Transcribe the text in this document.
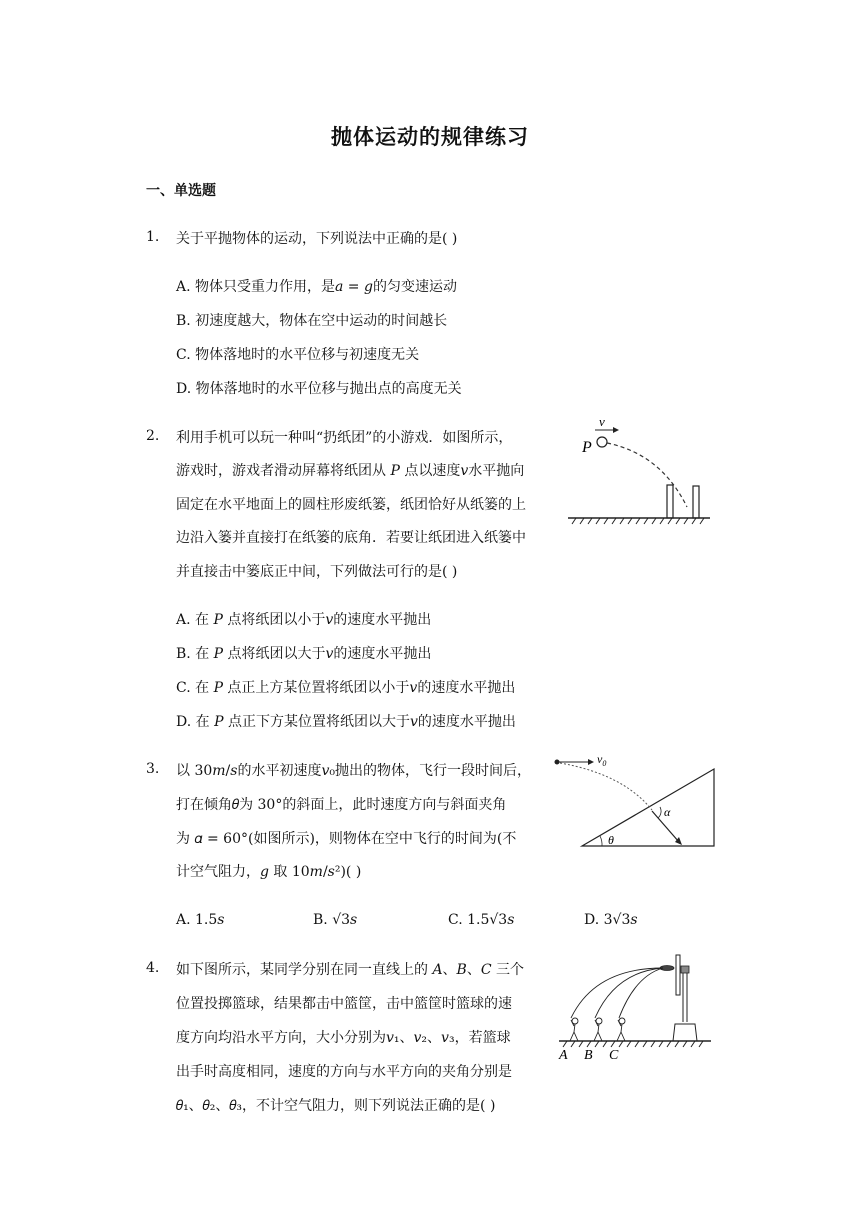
抛体运动的规律练习
一、单选题
1. 关于平抛物体的运动，下列说法中正确的是( )
A. 物体只受重力作用，是𝑎 = 𝑔的匀变速运动
B. 初速度越大，物体在空中运动的时间越长
C. 物体落地时的水平位移与初速度无关
D. 物体落地时的水平位移与抛出点的高度无关
2. 利用手机可以玩一种叫“扔纸团”的小游戏．如图所示，
游戏时，游戏者滑动屏幕将纸团从 𝑃 点以速度𝑣水平抛向
固定在水平地面上的圆柱形废纸篓，纸团恰好从纸篓的上
边沿入篓并直接打在纸篓的底角．若要让纸团进入纸篓中
并直接击中篓底正中间，下列做法可行的是( )
A. 在 𝑃 点将纸团以小于𝑣的速度水平抛出
B. 在 𝑃 点将纸团以大于𝑣的速度水平抛出
C. 在 𝑃 点正上方某位置将纸团以小于𝑣的速度水平抛出
D. 在 𝑃 点正下方某位置将纸团以大于𝑣的速度水平抛出
v
P
3. 以 30𝑚/𝑠的水平初速度𝑣₀抛出的物体，飞行一段时间后，
打在倾角𝜃为 30°的斜面上，此时速度方向与斜面夹角
为 𝛼 = 60°(如图所示)，则物体在空中飞行的时间为(不
计空气阻力，𝑔 取 10𝑚/𝑠²)( )
A. 1.5𝑠	B. √3𝑠	C. 1.5√3𝑠	D. 3√3𝑠
$v_0$
α
θ
4. 如下图所示，某同学分别在同一直线上的 𝐴、𝐵、𝐶 三个
位置投掷篮球，结果都击中篮筐，击中篮筐时篮球的速
度方向均沿水平方向，大小分别为𝑣₁、𝑣₂、𝑣₃，若篮球
出手时高度相同，速度的方向与水平方向的夹角分别是
𝜃₁、𝜃₂、𝜃₃，不计空气阻力，则下列说法正确的是( )
A B C
